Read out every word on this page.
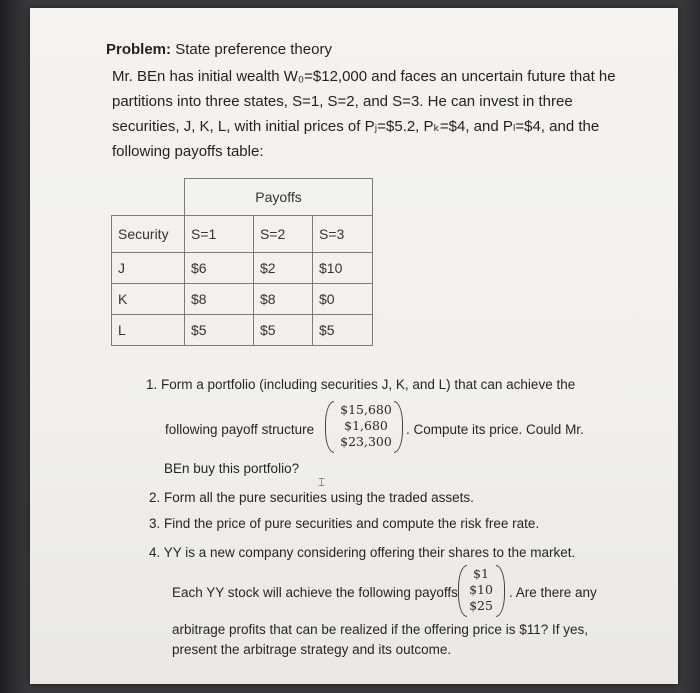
Problem: State preference theory
Mr. BEn has initial wealth W₀=$12,000 and faces an uncertain future that he
partitions into three states, S=1, S=2, and S=3. He can invest in three
securities, J, K, L, with initial prices of Pⱼ=$5.2, Pₖ=$4, and Pₗ=$4, and the
following payoffs table:
	Payoffs		
Security	S=1	S=2	S=3
J	$6	$2	$10
K	$8	$8	$0
L	$5	$5	$5
1. Form a portfolio (including securities J, K, and L) that can achieve the
following payoff structure
$15,680
$1,680
$23,300
. Compute its price. Could Mr.
BEn buy this portfolio?
⌶
2. Form all the pure securities using the traded assets.
3. Find the price of pure securities and compute the risk free rate.
4. YY is a new company considering offering their shares to the market.
Each YY stock will achieve the following payoffs
$1
$10
$25
. Are there any
arbitrage profits that can be realized if the offering price is $11? If yes,
present the arbitrage strategy and its outcome.
